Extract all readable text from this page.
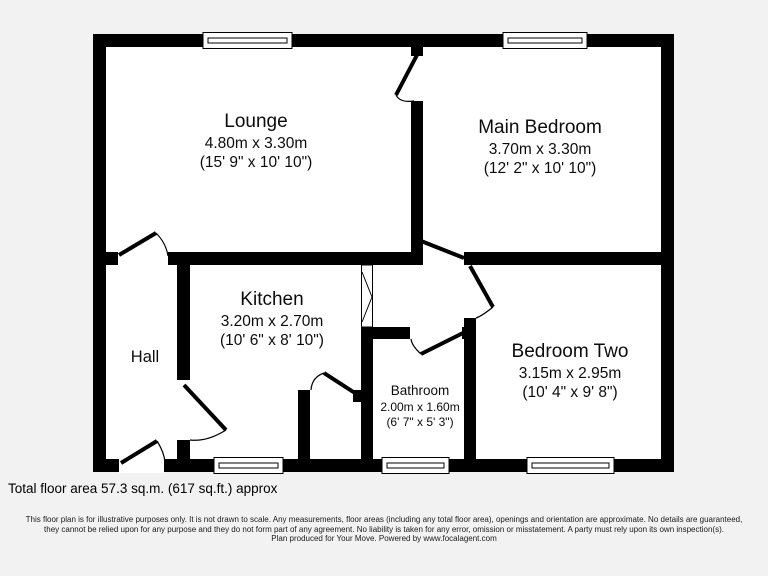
Lounge
4.80m x 3.30m
(15' 9" x 10' 10")
Main Bedroom
3.70m x 3.30m
(12' 2" x 10' 10")
Kitchen
3.20m x 2.70m
(10' 6" x 8' 10")
Hall
Bathroom
2.00m x 1.60m
(6' 7" x 5' 3")
Bedroom Two
3.15m x 2.95m
(10' 4" x 9' 8")
Total floor area 57.3 sq.m. (617 sq.ft.) approx
This floor plan is for illustrative purposes only. It is not drawn to scale. Any measurements, floor areas (including any total floor area), openings and orientation are approximate. No details are guaranteed,
they cannot be relied upon for any purpose and they do not form part of any agreement. No liability is taken for any error, omission or misstatement. A party must rely upon its own inspection(s).
Plan produced for Your Move. Powered by www.focalagent.com
